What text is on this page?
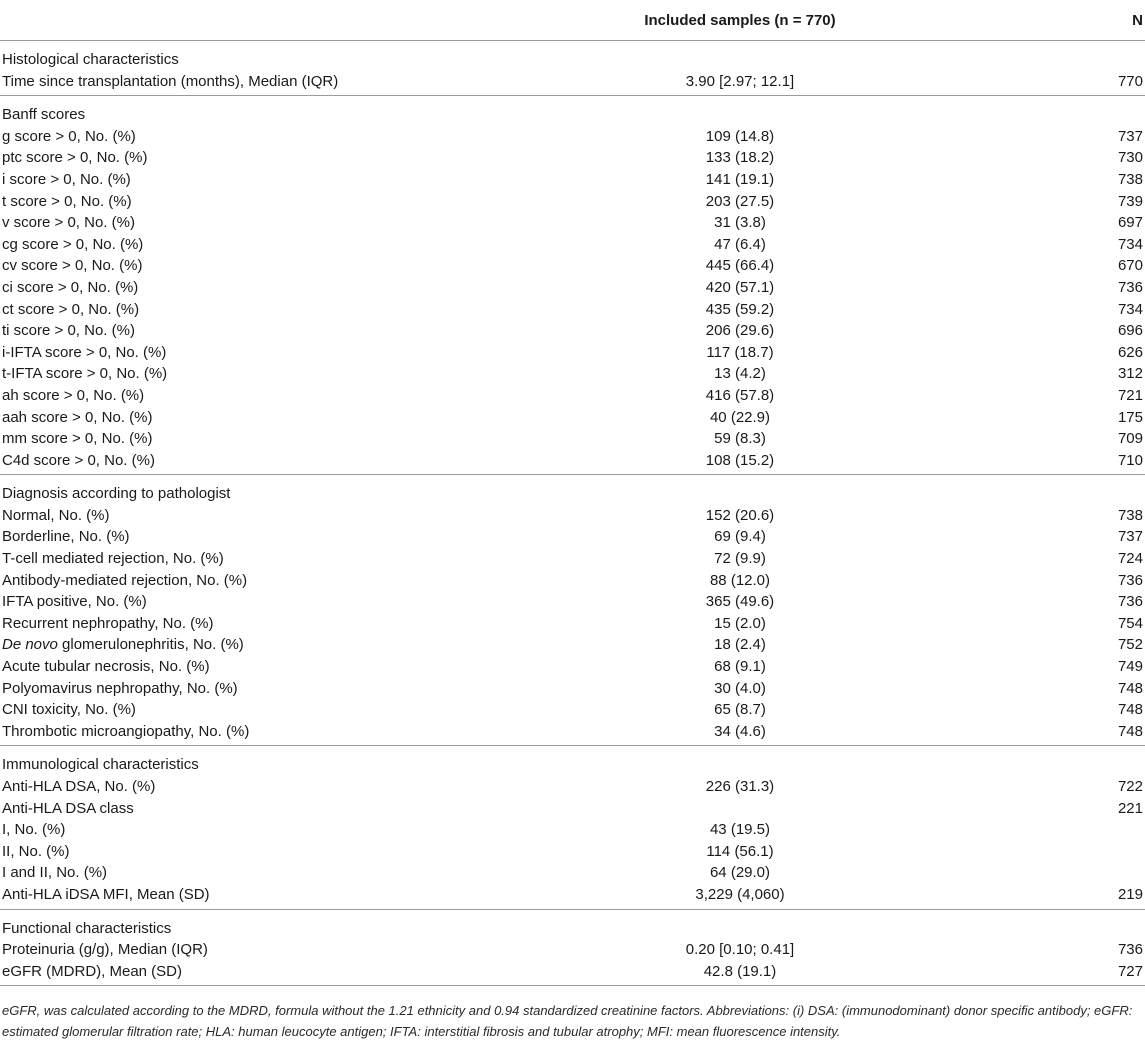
	Included samples (n = 770)	N
Histological characteristics		
Time since transplantation (months), Median (IQR)	3.90 [2.97; 12.1]	770
Banff scores		
g score > 0, No. (%)	109 (14.8)	737
ptc score > 0, No. (%)	133 (18.2)	730
i score > 0, No. (%)	141 (19.1)	738
t score > 0, No. (%)	203 (27.5)	739
v score > 0, No. (%)	31 (3.8)	697
cg score > 0, No. (%)	47 (6.4)	734
cv score > 0, No. (%)	445 (66.4)	670
ci score > 0, No. (%)	420 (57.1)	736
ct score > 0, No. (%)	435 (59.2)	734
ti score > 0, No. (%)	206 (29.6)	696
i-IFTA score > 0, No. (%)	117 (18.7)	626
t-IFTA score > 0, No. (%)	13 (4.2)	312
ah score > 0, No. (%)	416 (57.8)	721
aah score > 0, No. (%)	40 (22.9)	175
mm score > 0, No. (%)	59 (8.3)	709
C4d score > 0, No. (%)	108 (15.2)	710
Diagnosis according to pathologist		
Normal, No. (%)	152 (20.6)	738
Borderline, No. (%)	69 (9.4)	737
T-cell mediated rejection, No. (%)	72 (9.9)	724
Antibody-mediated rejection, No. (%)	88 (12.0)	736
IFTA positive, No. (%)	365 (49.6)	736
Recurrent nephropathy, No. (%)	15 (2.0)	754
De novo glomerulonephritis, No. (%)	18 (2.4)	752
Acute tubular necrosis, No. (%)	68 (9.1)	749
Polyomavirus nephropathy, No. (%)	30 (4.0)	748
CNI toxicity, No. (%)	65 (8.7)	748
Thrombotic microangiopathy, No. (%)	34 (4.6)	748
Immunological characteristics		
Anti-HLA DSA, No. (%)	226 (31.3)	722
Anti-HLA DSA class		221
I, No. (%)	43 (19.5)	
II, No. (%)	114 (56.1)	
I and II, No. (%)	64 (29.0)	
Anti-HLA iDSA MFI, Mean (SD)	3,229 (4,060)	219
Functional characteristics		
Proteinuria (g/g), Median (IQR)	0.20 [0.10; 0.41]	736
eGFR (MDRD), Mean (SD)	42.8 (19.1)	727
eGFR, was calculated according to the MDRD, formula without the 1.21 ethnicity and 0.94 standardized creatinine factors. Abbreviations: (i) DSA: (immunodominant) donor specific antibody; eGFR: estimated glomerular filtration rate; HLA: human leucocyte antigen; IFTA: interstitial fibrosis and tubular atrophy; MFI: mean fluorescence intensity.
